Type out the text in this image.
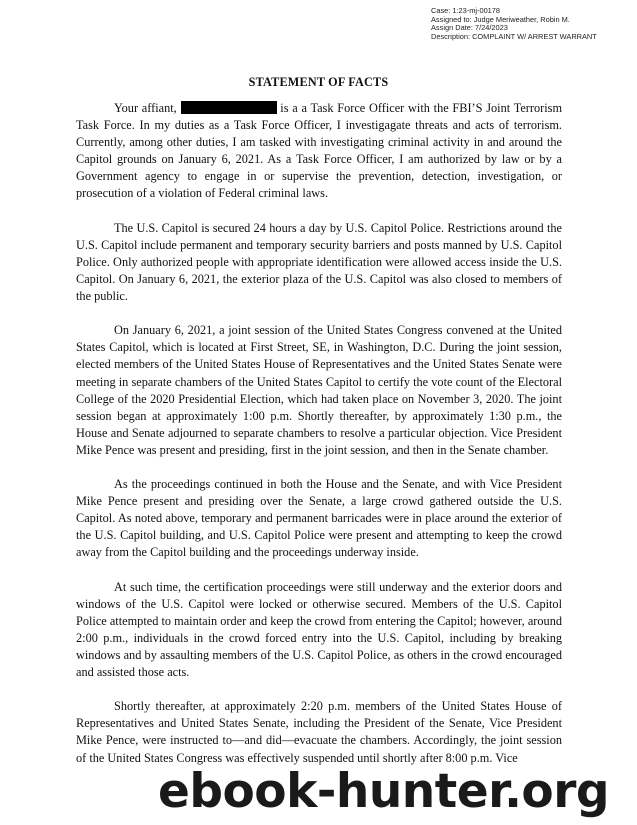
Case: 1:23-mj-00178
Assigned to: Judge Meriweather, Robin M.
Assign Date: 7/24/2023
Description: COMPLAINT W/ ARREST WARRANT
STATEMENT OF FACTS

Your affiant,	is a a Task Force Officer with the FBI’S Joint Terrorism Task Force. In my duties as a Task Force Officer, I investigagate threats and acts of terrorism. Currently, among other duties, I am tasked with investigating criminal activity in and around the Capitol grounds on January 6, 2021. As a Task Force Officer, I am authorized by law or by a Government agency to engage in or supervise the prevention, detection, investigation, or prosecution of a violation of Federal criminal laws.

The U.S. Capitol is secured 24 hours a day by U.S. Capitol Police. Restrictions around the U.S. Capitol include permanent and temporary security barriers and posts manned by U.S. Capitol Police. Only authorized people with appropriate identification were allowed access inside the U.S. Capitol. On January 6, 2021, the exterior plaza of the U.S. Capitol was also closed to members of the public.

On January 6, 2021, a joint session of the United States Congress convened at the United States Capitol, which is located at First Street, SE, in Washington, D.C. During the joint session, elected members of the United States House of Representatives and the United States Senate were meeting in separate chambers of the United States Capitol to certify the vote count of the Electoral College of the 2020 Presidential Election, which had taken place on November 3, 2020. The joint session began at approximately 1:00 p.m. Shortly thereafter, by approximately 1:30 p.m., the House and Senate adjourned to separate chambers to resolve a particular objection. Vice President Mike Pence was present and presiding, first in the joint session, and then in the Senate chamber.

As the proceedings continued in both the House and the Senate, and with Vice President Mike Pence present and presiding over the Senate, a large crowd gathered outside the U.S. Capitol. As noted above, temporary and permanent barricades were in place around the exterior of the U.S. Capitol building, and U.S. Capitol Police were present and attempting to keep the crowd away from the Capitol building and the proceedings underway inside.

At such time, the certification proceedings were still underway and the exterior doors and windows of the U.S. Capitol were locked or otherwise secured. Members of the U.S. Capitol Police attempted to maintain order and keep the crowd from entering the Capitol; however, around 2:00 p.m., individuals in the crowd forced entry into the U.S. Capitol, including by breaking windows and by assaulting members of the U.S. Capitol Police, as others in the crowd encouraged and assisted those acts.

Shortly thereafter, at approximately 2:20 p.m. members of the United States House of Representatives and United States Senate, including the President of the Senate, Vice President Mike Pence, were instructed to—and did—evacuate the chambers. Accordingly, the joint session of the United States Congress was effectively suspended until shortly after 8:00 p.m. Vice

ebook-hunter.org
